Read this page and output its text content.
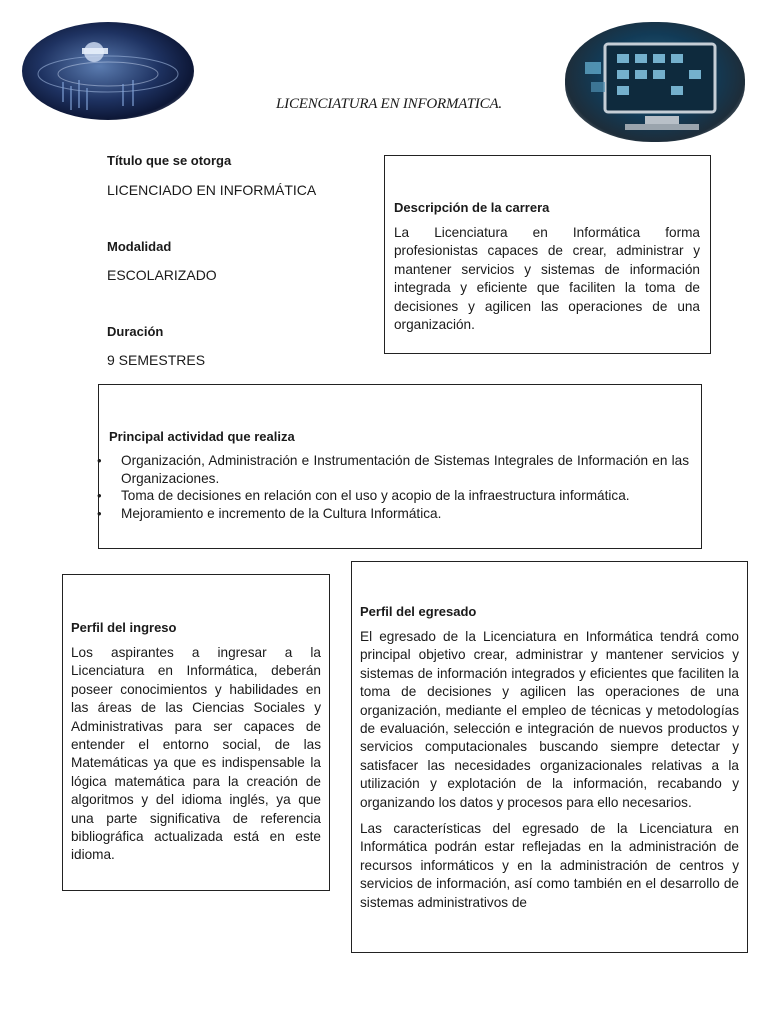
LICENCIATURA EN INFORMATICA.
Título que se otorga
LICENCIADO EN INFORMÁTICA
Modalidad
ESCOLARIZADO
Duración
9 SEMESTRES

Descripción de la carrera

La Licenciatura en Informática forma profesionistas capaces de crear, administrar y mantener servicios y sistemas de información integrada y eficiente que faciliten la toma de decisiones y agilicen las operaciones de una organización.

Principal actividad que realiza

• Organización, Administración e Instrumentación de Sistemas Integrales de Información en las Organizaciones.
• Toma de decisiones en relación con el uso y acopio de la infraestructura informática.
• Mejoramiento e incremento de la Cultura Informática.

Perfil del ingreso

Los aspirantes a ingresar a la Licenciatura en Informática, deberán poseer conocimientos y habilidades en las áreas de las Ciencias Sociales y Administrativas para ser capaces de entender el entorno social, de las Matemáticas ya que es indispensable la lógica matemática para la creación de algoritmos y del idioma inglés, ya que una parte significativa de referencia bibliográfica actualizada está en este idioma.

Perfil del egresado

El egresado de la Licenciatura en Informática tendrá como principal objetivo crear, administrar y mantener servicios y sistemas de información integrados y eficientes que faciliten la toma de decisiones y agilicen las operaciones de una organización, mediante el empleo de técnicas y metodologías de evaluación, selección e integración de nuevos productos y servicios computacionales buscando siempre detectar y satisfacer las necesidades organizacionales relativas a la utilización y explotación de la información, recabando y organizando los datos y procesos para ello necesarios.

Las características del egresado de la Licenciatura en Informática podrán estar reflejadas en la administración de recursos informáticos y en la administración de centros y servicios de información, así como también en el desarrollo de sistemas administrativos de
